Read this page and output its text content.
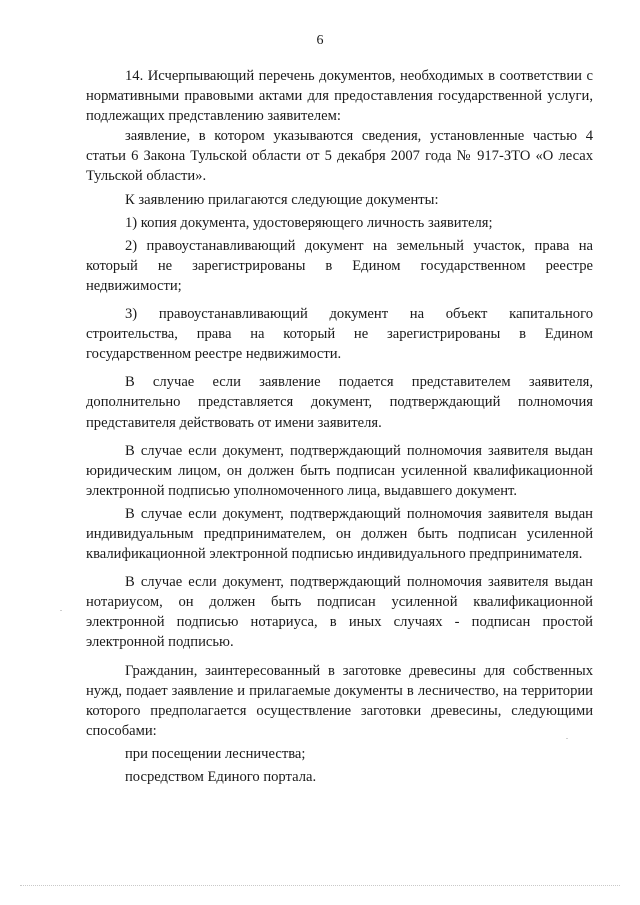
6

14. Исчерпывающий перечень документов, необходимых в соответствии с нормативными правовыми актами для предоставления государственной услуги, подлежащих представлению заявителем:

заявление, в котором указываются сведения, установленные частью 4 статьи 6 Закона Тульской области от 5 декабря 2007 года № 917-ЗТО «О лесах Тульской области».

К заявлению прилагаются следующие документы:

1) копия документа, удостоверяющего личность заявителя;

2) правоустанавливающий документ на земельный участок, права на который не зарегистрированы в Едином государственном реестре недвижимости;

3) правоустанавливающий документ на объект капитального строительства, права на который не зарегистрированы в Едином государственном реестре недвижимости.

В случае если заявление подается представителем заявителя, дополнительно представляется документ, подтверждающий полномочия представителя действовать от имени заявителя.

В случае если документ, подтверждающий полномочия заявителя выдан юридическим лицом, он должен быть подписан усиленной квалификационной электронной подписью уполномоченного лица, выдавшего документ.

В случае если документ, подтверждающий полномочия заявителя выдан индивидуальным предпринимателем, он должен быть подписан усиленной квалификационной электронной подписью индивидуального предпринимателя.

В случае если документ, подтверждающий полномочия заявителя выдан нотариусом, он должен быть подписан усиленной квалификационной электронной подписью нотариуса, в иных случаях - подписан простой электронной подписью.

Гражданин, заинтересованный в заготовке древесины для собственных нужд, подает заявление и прилагаемые документы в лесничество, на территории которого предполагается осуществление заготовки древесины, следующими способами:

при посещении лесничества;

посредством Единого портала.
